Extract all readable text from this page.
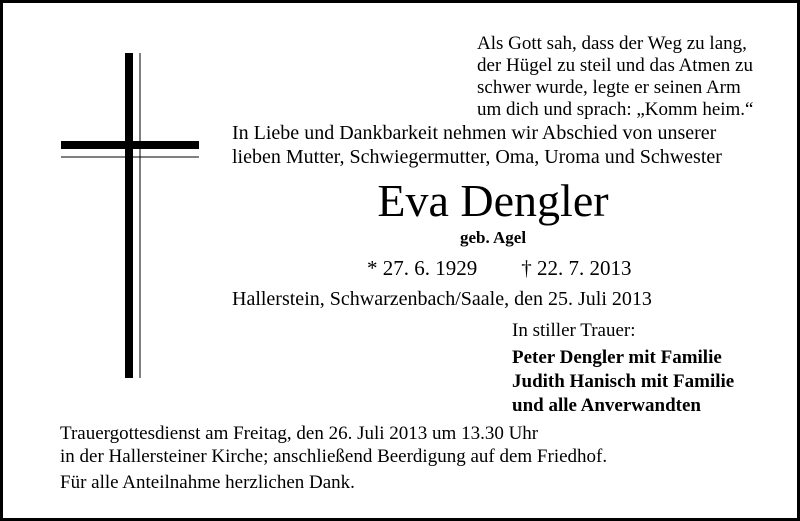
Als Gott sah, dass der Weg zu lang,
der Hügel zu steil und das Atmen zu
schwer wurde, legte er seinen Arm
um dich und sprach: „Komm heim.“
In Liebe und Dankbarkeit nehmen wir Abschied von unserer
lieben Mutter, Schwiegermutter, Oma, Uroma und Schwester
Eva Dengler
geb. Agel
* 27. 6. 1929 † 22. 7. 2013
Hallerstein, Schwarzenbach/Saale, den 25. Juli 2013
In stiller Trauer:
Peter Dengler mit Familie
Judith Hanisch mit Familie
und alle Anverwandten
Trauergottesdienst am Freitag, den 26. Juli 2013 um 13.30 Uhr
in der Hallersteiner Kirche; anschließend Beerdigung auf dem Friedhof.
Für alle Anteilnahme herzlichen Dank.
